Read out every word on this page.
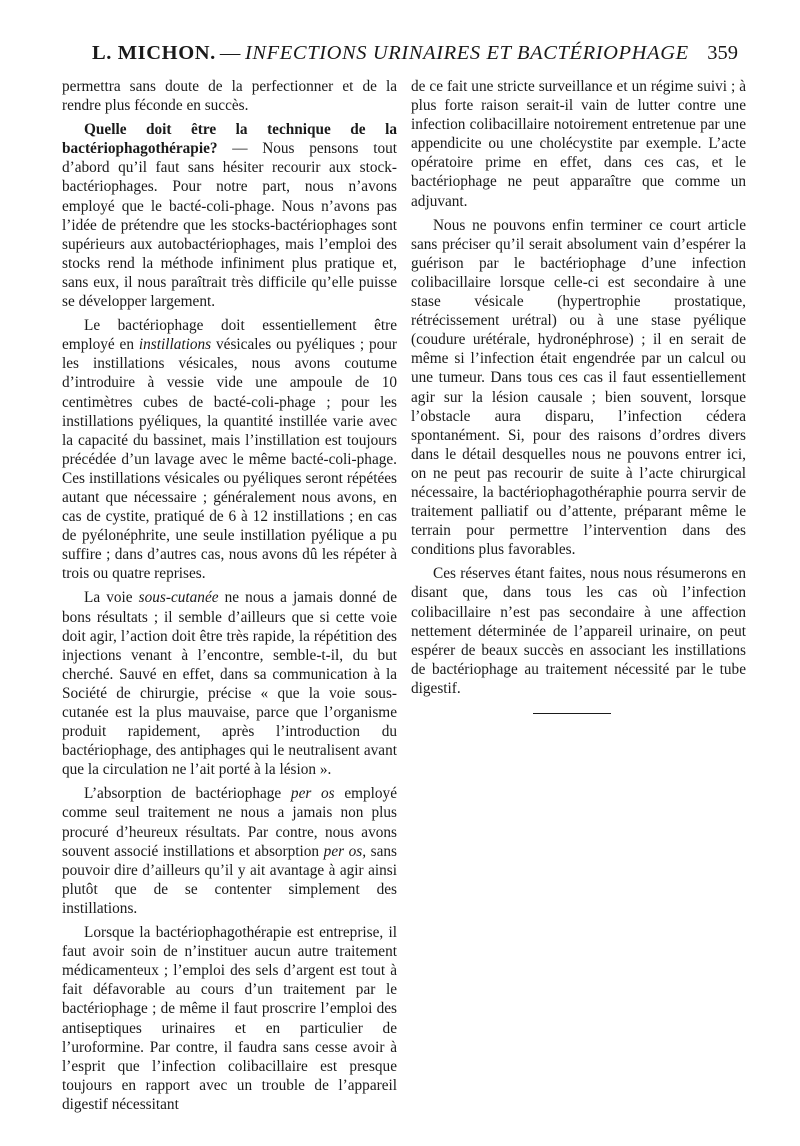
L. MICHON. — INFECTIONS URINAIRES ET BACTÉRIOPHAGE 359

permettra sans doute de la perfectionner et de la rendre plus féconde en succès.

Quelle doit être la technique de la bactériophagothérapie? — Nous pensons tout d’abord qu’il faut sans hésiter recourir aux stock-bactériophages. Pour notre part, nous n’avons employé que le bacté-coli-phage. Nous n’avons pas l’idée de prétendre que les stocks-bactériophages sont supérieurs aux autobactériophages, mais l’emploi des stocks rend la méthode infiniment plus pratique et, sans eux, il nous paraîtrait très difficile qu’elle puisse se développer largement.

Le bactériophage doit essentiellement être employé en instillations vésicales ou pyéliques ; pour les instillations vésicales, nous avons coutume d’introduire à vessie vide une ampoule de 10 centimètres cubes de bacté-coli-phage ; pour les instillations pyéliques, la quantité instillée varie avec la capacité du bassinet, mais l’instillation est toujours précédée d’un lavage avec le même bacté-coli-phage. Ces instillations vésicales ou pyéliques seront répétées autant que nécessaire ; généralement nous avons, en cas de cystite, pratiqué de 6 à 12 instillations ; en cas de pyélonéphrite, une seule instillation pyélique a pu suffire ; dans d’autres cas, nous avons dû les répéter à trois ou quatre reprises.

La voie sous-cutanée ne nous a jamais donné de bons résultats ; il semble d’ailleurs que si cette voie doit agir, l’action doit être très rapide, la répétition des injections venant à l’encontre, semble-t-il, du but cherché. Sauvé en effet, dans sa communication à la Société de chirurgie, précise « que la voie sous-cutanée est la plus mauvaise, parce que l’organisme produit rapidement, après l’introduction du bactériophage, des antiphages qui le neutralisent avant que la circulation ne l’ait porté à la lésion ».

L’absorption de bactériophage per os employé comme seul traitement ne nous a jamais non plus procuré d’heureux résultats. Par contre, nous avons souvent associé instillations et absorption per os, sans pouvoir dire d’ailleurs qu’il y ait avantage à agir ainsi plutôt que de se contenter simplement des instillations.

Lorsque la bactériophagothérapie est entreprise, il faut avoir soin de n’instituer aucun autre traitement médicamenteux ; l’emploi des sels d’argent est tout à fait défavorable au cours d’un traitement par le bactériophage ; de même il faut proscrire l’emploi des antiseptiques urinaires et en particulier de l’uroformine. Par contre, il faudra sans cesse avoir à l’esprit que l’infection colibacillaire est presque toujours en rapport avec un trouble de l’appareil digestif nécessitant

de ce fait une stricte surveillance et un régime suivi ; à plus forte raison serait-il vain de lutter contre une infection colibacillaire notoirement entretenue par une appendicite ou une cholécystite par exemple. L’acte opératoire prime en effet, dans ces cas, et le bactériophage ne peut apparaître que comme un adjuvant.

Nous ne pouvons enfin terminer ce court article sans préciser qu’il serait absolument vain d’espérer la guérison par le bactériophage d’une infection colibacillaire lorsque celle-ci est secondaire à une stase vésicale (hypertrophie prostatique, rétrécissement urétral) ou à une stase pyélique (coudure urétérale, hydronéphrose) ; il en serait de même si l’infection était engendrée par un calcul ou une tumeur. Dans tous ces cas il faut essentiellement agir sur la lésion causale ; bien souvent, lorsque l’obstacle aura disparu, l’infection cédera spontanément. Si, pour des raisons d’ordres divers dans le détail desquelles nous ne pouvons entrer ici, on ne peut pas recourir de suite à l’acte chirurgical nécessaire, la bactériophagothéraphie pourra servir de traitement palliatif ou d’attente, préparant même le terrain pour permettre l’intervention dans des conditions plus favorables.

Ces réserves étant faites, nous nous résumerons en disant que, dans tous les cas où l’infection colibacillaire n’est pas secondaire à une affection nettement déterminée de l’appareil urinaire, on peut espérer de beaux succès en associant les instillations de bactériophage au traitement nécessité par le tube digestif.
